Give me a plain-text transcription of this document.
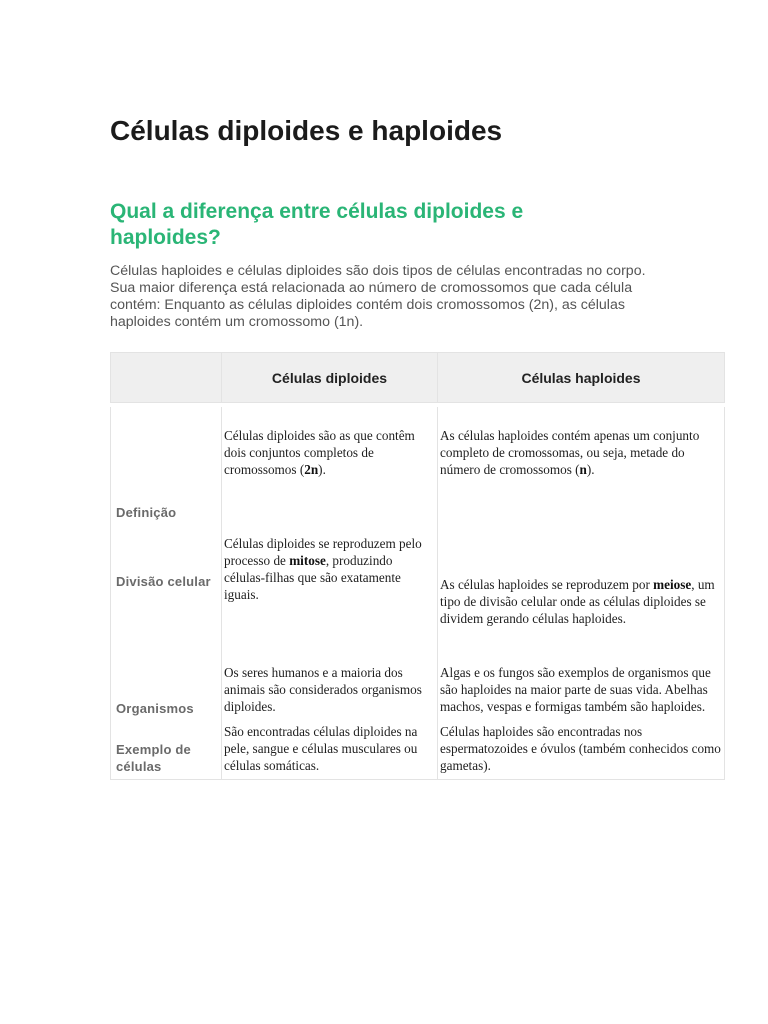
Células diploides e haploides
Qual a diferença entre células diploides e haploides?

Células haploides e células diploides são dois tipos de células encontradas no corpo. Sua maior diferença está relacionada ao número de cromossomos que cada célula contém: Enquanto as células diploides contém dois cromossomos (2n), as células haploides contém um cromossomo (1n).

	Células diploides	Células haploides

Definição	Células diploides são as que contêm dois conjuntos completos de cromossomos (2n).	As células haploides contém apenas um conjunto completo de cromossomas, ou seja, metade do número de cromossomos (n).
Divisão celular	Células diploides se reproduzem pelo processo de mitose, produzindo células-filhas que são exatamente iguais.	As células haploides se reproduzem por meiose, um tipo de divisão celular onde as células diploides se dividem gerando células haploides.
Organismos	Os seres humanos e a maioria dos animais são considerados organismos diploides.	Algas e os fungos são exemplos de organismos que são haploides na maior parte de suas vida. Abelhas machos, vespas e formigas também são haploides.
Exemplo de células	São encontradas células diploides na pele, sangue e células musculares ou células somáticas.	Células haploides são encontradas nos espermatozoides e óvulos (também conhecidos como gametas).
